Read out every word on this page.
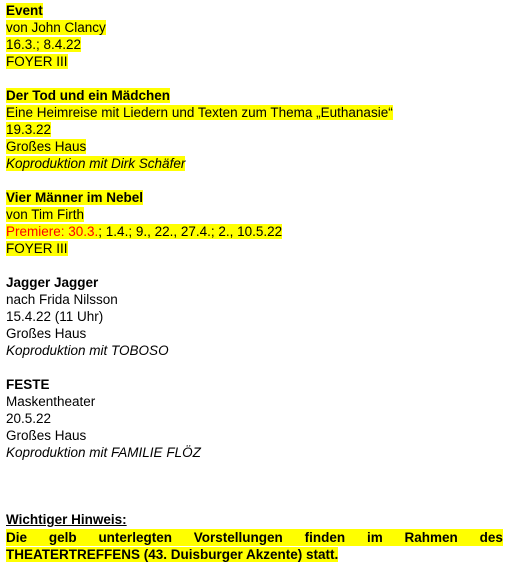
Event
von John Clancy
16.3.; 8.4.22
FOYER III
Der Tod und ein Mädchen
Eine Heimreise mit Liedern und Texten zum Thema „Euthanasie“
19.3.22
Großes Haus
Koproduktion mit Dirk Schäfer
Vier Männer im Nebel
von Tim Firth
Premiere: 30.3.; 1.4.; 9., 22., 27.4.; 2., 10.5.22
FOYER III
Jagger Jagger
nach Frida Nilsson
15.4.22 (11 Uhr)
Großes Haus
Koproduktion mit TOBOSO
FESTE
Maskentheater
20.5.22
Großes Haus
Koproduktion mit FAMILIE FLÖZ
Wichtiger Hinweis:
Die gelb unterlegten Vorstellungen finden im Rahmen des
THEATERTREFFENS (43. Duisburger Akzente) statt.
